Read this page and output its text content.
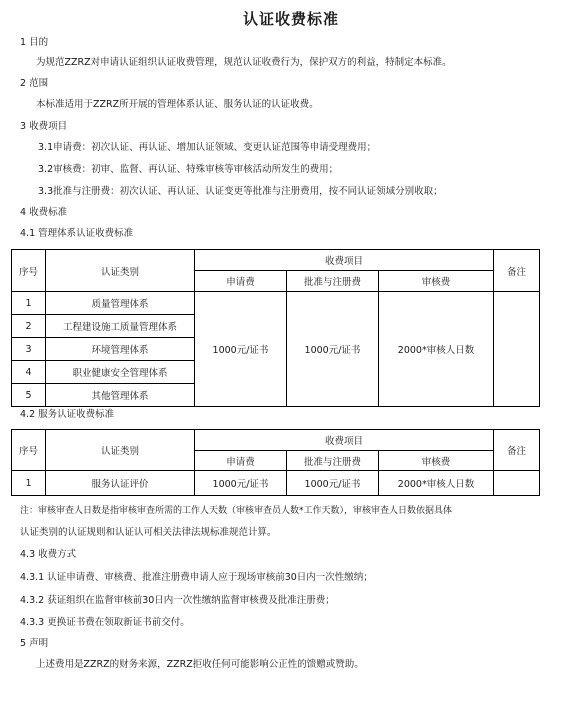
认证收费标准
1 目的
为规范ZZRZ对申请认证组织认证收费管理，规范认证收费行为，保护双方的利益，特制定本标准。
2 范围
本标准适用于ZZRZ所开展的管理体系认证、服务认证的认证收费。
3 收费项目
3.1申请费：初次认证、再认证、增加认证领域、变更认证范围等申请受理费用；
3.2审核费：初审、监督、再认证、特殊审核等审核活动所发生的费用；
3.3批准与注册费：初次认证、再认证、认证变更等批准与注册费用，按不同认证领域分别收取；
4 收费标准
4.1 管理体系认证收费标准
序号	认证类别	收费项目			备注
		申请费	批准与注册费	审核费	
1	质量管理体系	1000元/证书	1000元/证书	2000*审核人日数	
2	工程建设施工质量管理体系				
3	环境管理体系				
4	职业健康安全管理体系				
5	其他管理体系				
4.2 服务认证收费标准
序号	认证类别	收费项目			备注
		申请费	批准与注册费	审核费	
1	服务认证评价	1000元/证书	1000元/证书	2000*审核人日数	
注：审核审查人日数是指审核审查所需的工作人天数（审核审查员人数*工作天数），审核审查人日数依据具体
认证类别的认证规则和认证认可相关法律法规标准规范计算。
4.3 收费方式
4.3.1 认证申请费、审核费、批准注册费申请人应于现场审核前30日内一次性缴纳；
4.3.2 获证组织在监督审核前30日内一次性缴纳监督审核费及批准注册费；
4.3.3 更换证书费在领取新证书前交付。
5 声明
上述费用是ZZRZ的财务来源，ZZRZ拒收任何可能影响公正性的馈赠或赞助。
